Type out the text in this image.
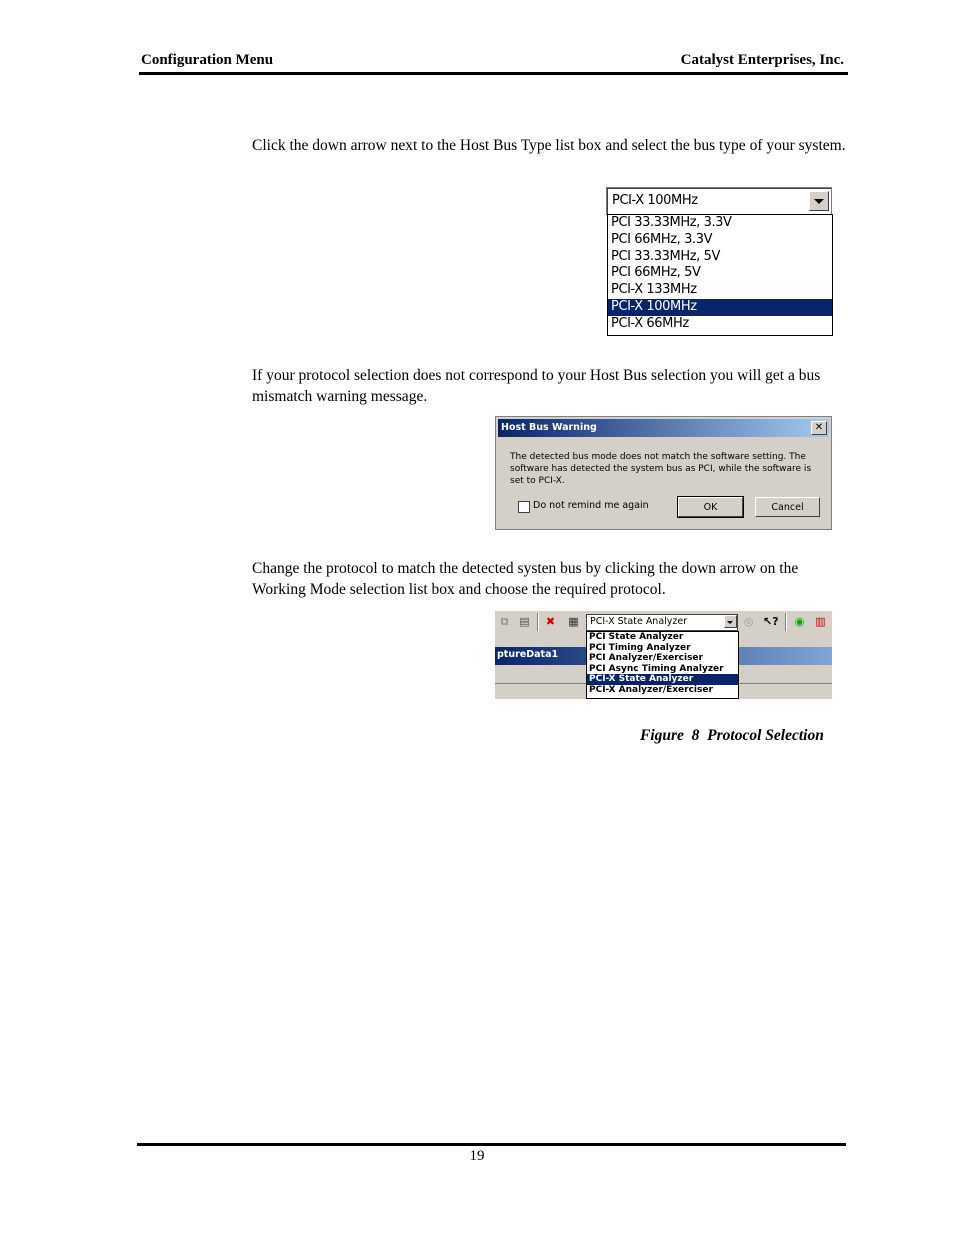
Configuration Menu	Catalyst Enterprises, Inc.
Click the down arrow next to the Host Bus Type list box and select the bus type of your system.
PCI-X 100MHz
PCI 33.33MHz, 3.3V
PCI 66MHz, 3.3V
PCI 33.33MHz, 5V
PCI 66MHz, 5V
PCI-X 133MHz
PCI-X 100MHz
PCI-X 66MHz
If your protocol selection does not correspond to your Host Bus selection you will get a bus mismatch warning message.
Host Bus Warning	✕
The detected bus mode does not match the software setting. The software has detected the system bus as PCI, while the software is set to PCI-X.
Do not remind me again	OK	Cancel
Change the protocol to match the detected systen bus by clicking the down arrow on the Working Mode selection list box and choose the required protocol.
⧉ ▤ ✖ ▦ PCI-X State Analyzer	◎ ↖? ◉ ▥
ptureData1
PCI State Analyzer
PCI Timing Analyzer
PCI Analyzer/Exerciser
PCI Async Timing Analyzer
PCI-X State Analyzer
PCI-X Analyzer/Exerciser
Figure  8  Protocol Selection
19
